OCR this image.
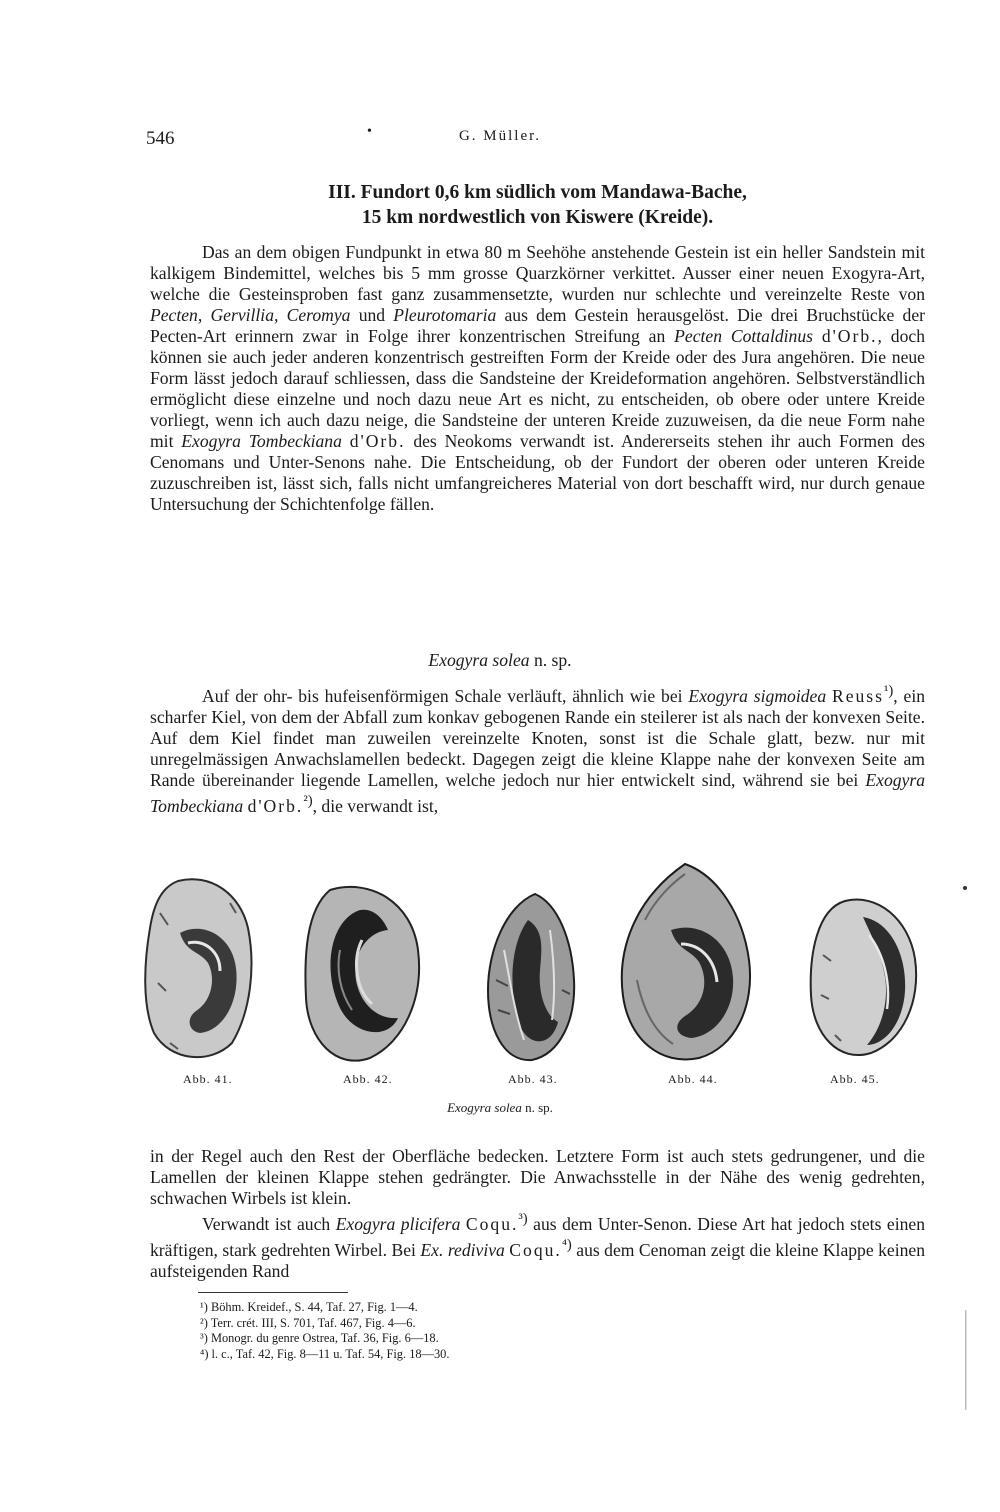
546	•	G. Müller.
III. Fundort 0,6 km südlich vom Mandawa-Bache,
15 km nordwestlich von Kiswere (Kreide).

Das an dem obigen Fundpunkt in etwa 80 m Seehöhe anstehende Gestein ist ein heller Sandstein mit kalkigem Bindemittel, welches bis 5 mm grosse Quarzkörner verkittet. Ausser einer neuen Exogyra-Art, welche die Gesteinsproben fast ganz zusammensetzte, wurden nur schlechte und vereinzelte Reste von Pecten, Gervillia, Ceromya und Pleurotomaria aus dem Gestein herausgelöst. Die drei Bruchstücke der Pecten-Art erinnern zwar in Folge ihrer konzentrischen Streifung an Pecten Cottaldinus d'Orb., doch können sie auch jeder anderen konzentrisch gestreiften Form der Kreide oder des Jura angehören. Die neue Form lässt jedoch darauf schliessen, dass die Sandsteine der Kreideformation angehören. Selbstverständlich ermöglicht diese einzelne und noch dazu neue Art es nicht, zu entscheiden, ob obere oder untere Kreide vorliegt, wenn ich auch dazu neige, die Sandsteine der unteren Kreide zuzuweisen, da die neue Form nahe mit Exogyra Tombeckiana d'Orb. des Neokoms verwandt ist. Andererseits stehen ihr auch Formen des Cenomans und Unter-Senons nahe. Die Entscheidung, ob der Fundort der oberen oder unteren Kreide zuzuschreiben ist, lässt sich, falls nicht umfangreicheres Material von dort beschafft wird, nur durch genaue Untersuchung der Schichtenfolge fällen.

Exogyra solea n. sp.

Auf der ohr- bis hufeisenförmigen Schale verläuft, ähnlich wie bei Exogyra sigmoidea Reuss$^{^1)}$, ein scharfer Kiel, von dem der Abfall zum konkav gebogenen Rande ein steilerer ist als nach der konvexen Seite. Auf dem Kiel findet man zuweilen vereinzelte Knoten, sonst ist die Schale glatt, bezw. nur mit unregelmässigen Anwachslamellen bedeckt. Dagegen zeigt die kleine Klappe nahe der konvexen Seite am Rande übereinander liegende Lamellen, welche jedoch nur hier entwickelt sind, während sie bei Exogyra Tombeckiana d'Orb.$^{^2)}$, die verwandt ist,

Abb. 41.	Abb. 42.	Abb. 43.	Abb. 44.	Abb. 45.
Exogyra solea n. sp.

in der Regel auch den Rest der Oberfläche bedecken. Letztere Form ist auch stets gedrungener, und die Lamellen der kleinen Klappe stehen gedrängter. Die Anwachsstelle in der Nähe des wenig gedrehten, schwachen Wirbels ist klein.

Verwandt ist auch Exogyra plicifera Coqu.$^{^3)}$ aus dem Unter-Senon. Diese Art hat jedoch stets einen kräftigen, stark gedrehten Wirbel. Bei Ex. rediviva Coqu.$^{^4)}$ aus dem Cenoman zeigt die kleine Klappe keinen aufsteigenden Rand

¹) Böhm. Kreidef., S. 44, Taf. 27, Fig. 1—4.
²) Terr. crét. III, S. 701, Taf. 467, Fig. 4—6.
³) Monogr. du genre Ostrea, Taf. 36, Fig. 6—18.
⁴) l. c., Taf. 42, Fig. 8—11 u. Taf. 54, Fig. 18—30.
